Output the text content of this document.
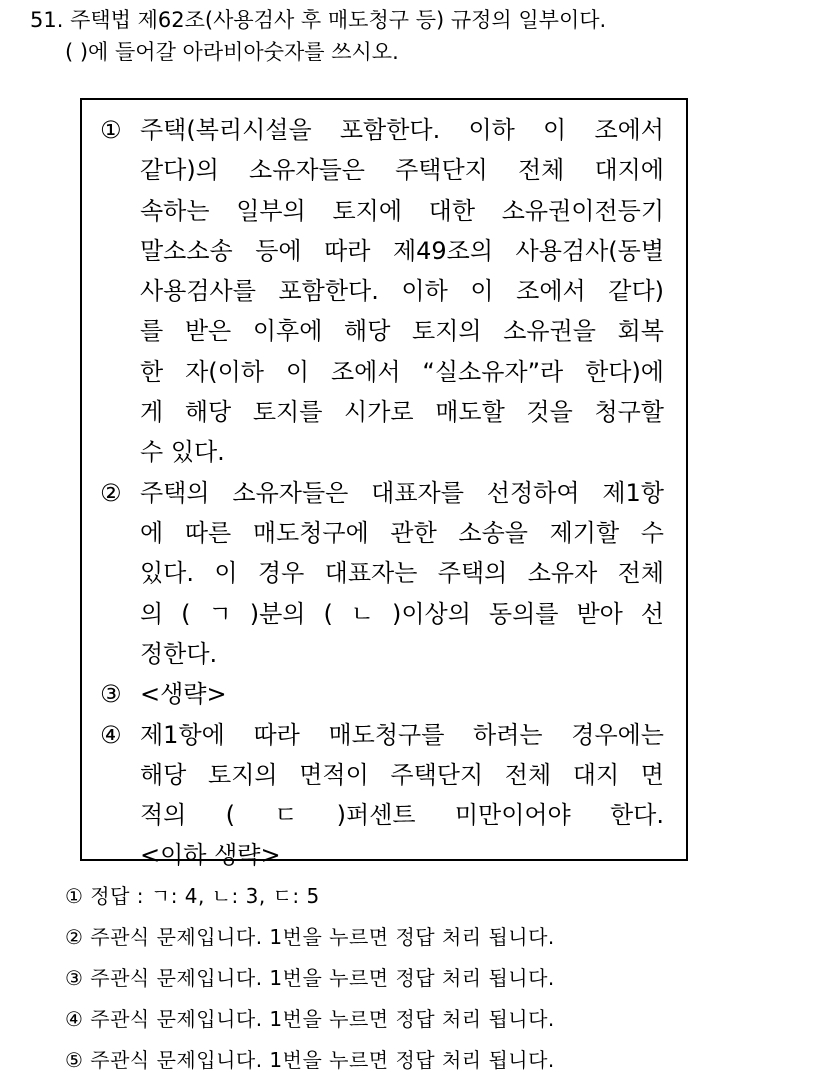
51. 주택법 제62조(사용검사 후 매도청구 등) 규정의 일부이다.
( )에 들어갈 아라비아숫자를 쓰시오.
① 주택(복리시설을 포함한다. 이하 이 조에서
같다)의 소유자들은 주택단지 전체 대지에
속하는 일부의 토지에 대한 소유권이전등기
말소소송 등에 따라 제49조의 사용검사(동별
사용검사를 포함한다. 이하 이 조에서 같다)
를 받은 이후에 해당 토지의 소유권을 회복
한 자(이하 이 조에서 “실소유자”라 한다)에
게 해당 토지를 시가로 매도할 것을 청구할
수 있다.
② 주택의 소유자들은 대표자를 선정하여 제1항
에 따른 매도청구에 관한 소송을 제기할 수
있다. 이 경우 대표자는 주택의 소유자 전체
의 ( ㄱ )분의 ( ㄴ )이상의 동의를 받아 선
정한다.
③ <생략>
④ 제1항에 따라 매도청구를 하려는 경우에는
해당 토지의 면적이 주택단지 전체 대지 면
적의 ( ㄷ )퍼센트 미만이어야 한다.
<이하 생략>
① 정답 : ㄱ: 4, ㄴ: 3, ㄷ: 5
② 주관식 문제입니다. 1번을 누르면 정답 처리 됩니다.
③ 주관식 문제입니다. 1번을 누르면 정답 처리 됩니다.
④ 주관식 문제입니다. 1번을 누르면 정답 처리 됩니다.
⑤ 주관식 문제입니다. 1번을 누르면 정답 처리 됩니다.
